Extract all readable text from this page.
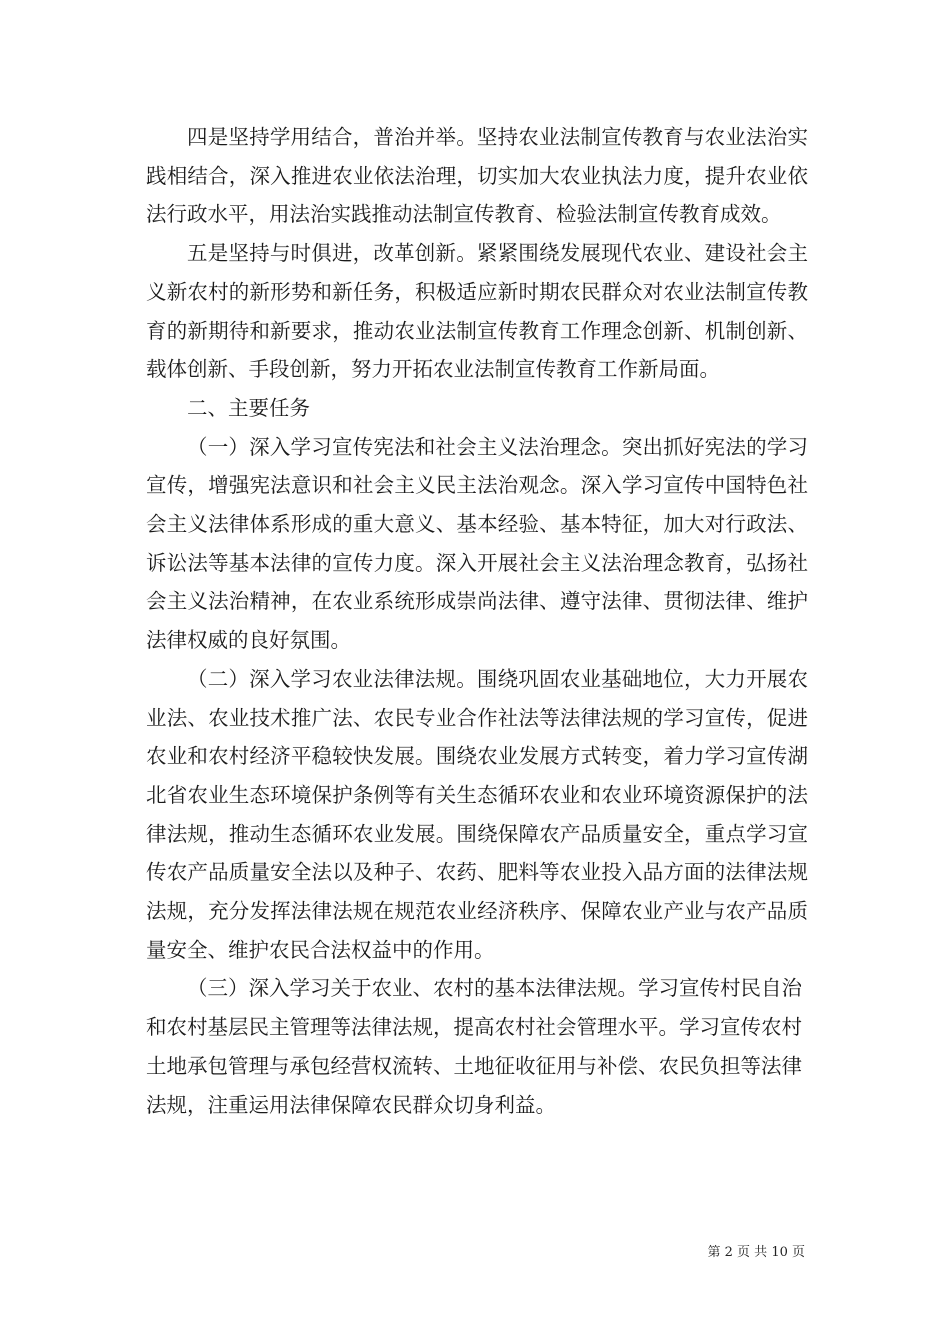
四是坚持学用结合，普治并举。坚持农业法制宣传教育与农业法治实践相结合，深入推进农业依法治理，切实加大农业执法力度，提升农业依法行政水平，用法治实践推动法制宣传教育、检验法制宣传教育成效。

五是坚持与时俱进，改革创新。紧紧围绕发展现代农业、建设社会主义新农村的新形势和新任务，积极适应新时期农民群众对农业法制宣传教育的新期待和新要求，推动农业法制宣传教育工作理念创新、机制创新、载体创新、手段创新，努力开拓农业法制宣传教育工作新局面。

二、主要任务

（一）深入学习宣传宪法和社会主义法治理念。突出抓好宪法的学习宣传，增强宪法意识和社会主义民主法治观念。深入学习宣传中国特色社会主义法律体系形成的重大意义、基本经验、基本特征，加大对行政法、诉讼法等基本法律的宣传力度。深入开展社会主义法治理念教育，弘扬社会主义法治精神，在农业系统形成崇尚法律、遵守法律、贯彻法律、维护法律权威的良好氛围。

（二）深入学习农业法律法规。围绕巩固农业基础地位，大力开展农业法、农业技术推广法、农民专业合作社法等法律法规的学习宣传，促进农业和农村经济平稳较快发展。围绕农业发展方式转变，着力学习宣传湖北省农业生态环境保护条例等有关生态循环农业和农业环境资源保护的法律法规，推动生态循环农业发展。围绕保障农产品质量安全，重点学习宣传农产品质量安全法以及种子、农药、肥料等农业投入品方面的法律法规法规，充分发挥法律法规在规范农业经济秩序、保障农业产业与农产品质量安全、维护农民合法权益中的作用。

（三）深入学习关于农业、农村的基本法律法规。学习宣传村民自治和农村基层民主管理等法律法规，提高农村社会管理水平。学习宣传农村土地承包管理与承包经营权流转、土地征收征用与补偿、农民负担等法律法规，注重运用法律保障农民群众切身利益。

第 2 页 共 10 页
